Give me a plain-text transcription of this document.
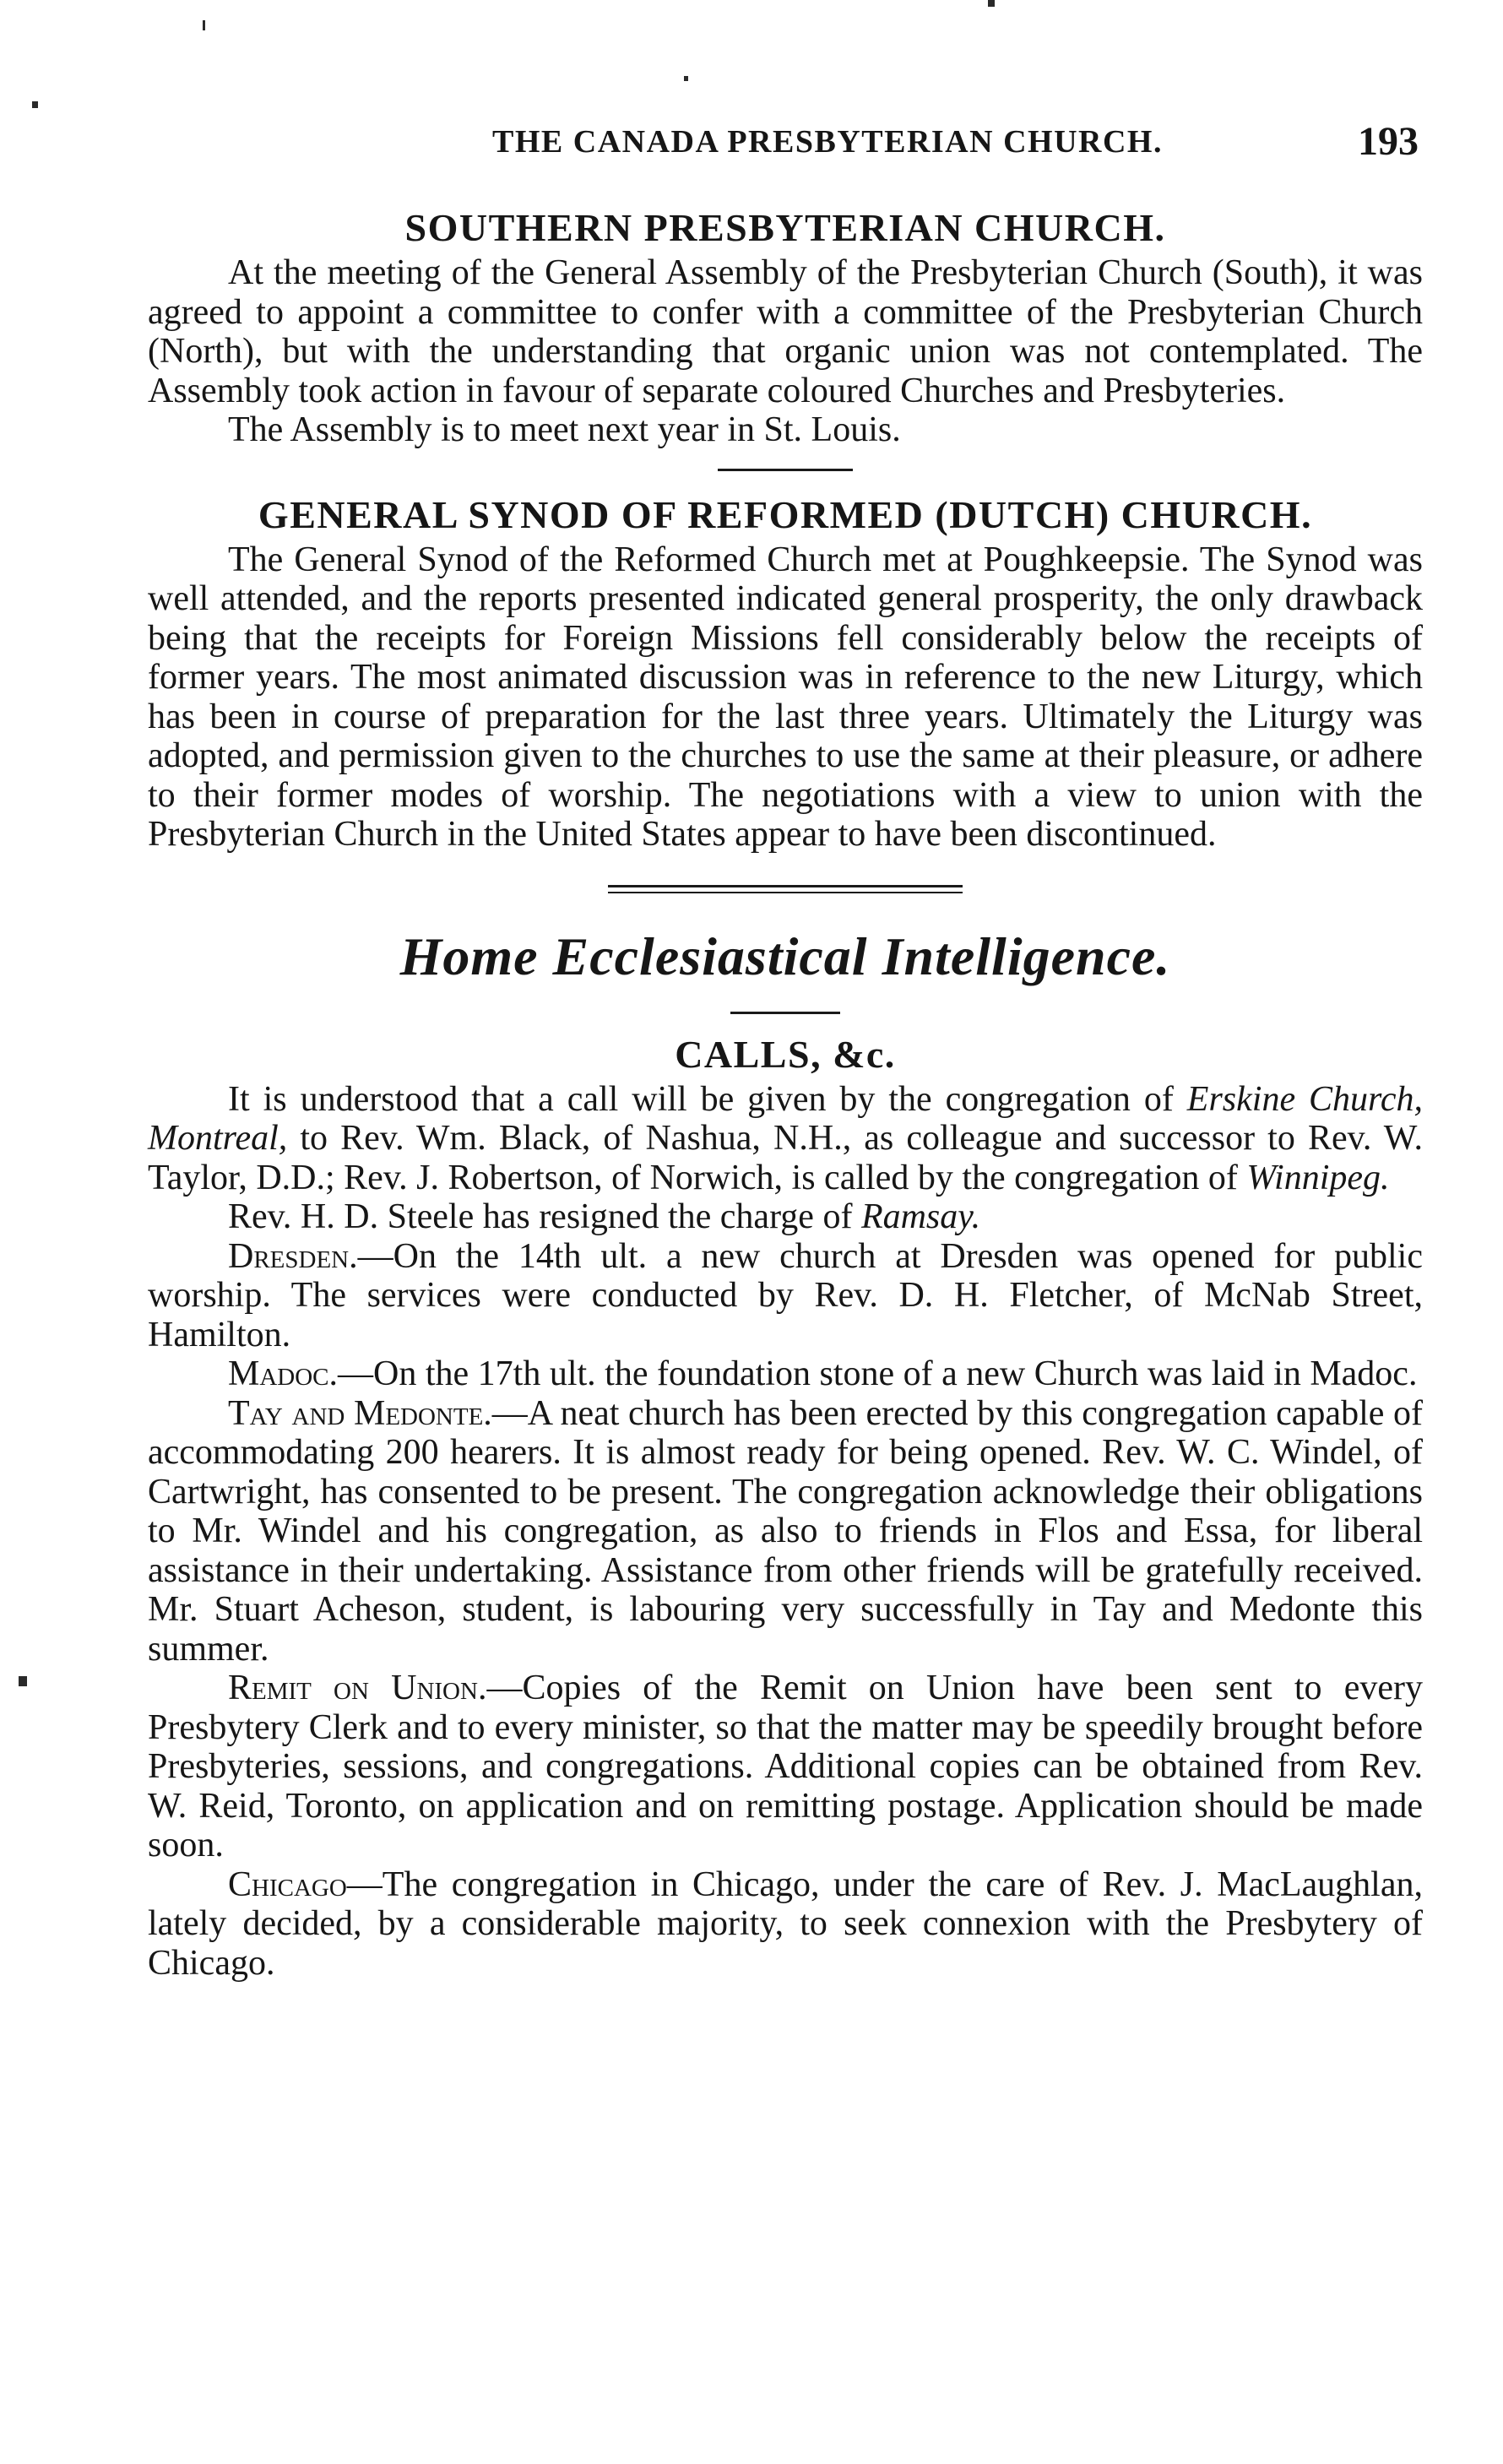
THE CANADA PRESBYTERIAN CHURCH.	193
SOUTHERN PRESBYTERIAN CHURCH.

At the meeting of the General Assembly of the Presbyterian Church (South), it was agreed to appoint a committee to confer with a committee of the Presbyterian Church (North), but with the understanding that organic union was not contemplated. The Assembly took action in favour of separate coloured Churches and Presbyteries.

The Assembly is to meet next year in St. Louis.

GENERAL SYNOD OF REFORMED (DUTCH) CHURCH.

The General Synod of the Reformed Church met at Poughkeepsie. The Synod was well attended, and the reports presented indicated general prosperity, the only drawback being that the receipts for Foreign Missions fell considerably below the receipts of former years. The most animated discussion was in reference to the new Liturgy, which has been in course of preparation for the last three years. Ultimately the Liturgy was adopted, and permission given to the churches to use the same at their pleasure, or adhere to their former modes of worship. The negotiations with a view to union with the Presbyterian Church in the United States appear to have been discontinued.

Home Ecclesiastical Intelligence.
CALLS, &c.

It is understood that a call will be given by the congregation of Erskine Church, Montreal, to Rev. Wm. Black, of Nashua, N.H., as colleague and successor to Rev. W. Taylor, D.D.; Rev. J. Robertson, of Norwich, is called by the congregation of Winnipeg.

Rev. H. D. Steele has resigned the charge of Ramsay.

Dresden.—On the 14th ult. a new church at Dresden was opened for public worship. The services were conducted by Rev. D. H. Fletcher, of McNab Street, Hamilton.

Madoc.—On the 17th ult. the foundation stone of a new Church was laid in Madoc.

Tay and Medonte.—A neat church has been erected by this congregation capable of accommodating 200 hearers. It is almost ready for being opened. Rev. W. C. Windel, of Cartwright, has consented to be present. The congregation acknowledge their obligations to Mr. Windel and his congregation, as also to friends in Flos and Essa, for liberal assistance in their undertaking. Assistance from other friends will be gratefully received. Mr. Stuart Acheson, student, is labouring very successfully in Tay and Medonte this summer.

Remit on Union.—Copies of the Remit on Union have been sent to every Presbytery Clerk and to every minister, so that the matter may be speedily brought before Presbyteries, sessions, and congregations. Additional copies can be obtained from Rev. W. Reid, Toronto, on application and on remitting postage. Application should be made soon.

Chicago—The congregation in Chicago, under the care of Rev. J. MacLaughlan, lately decided, by a considerable majority, to seek connexion with the Presbytery of Chicago.
